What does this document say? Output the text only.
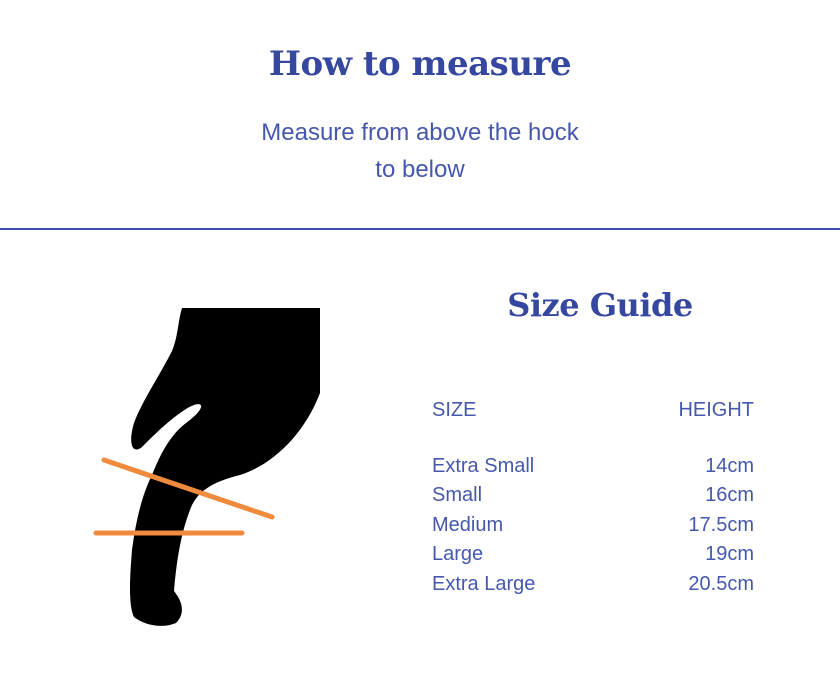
How to measure
Measure from above the hock
to below
Size Guide
SIZE	HEIGHT
Extra Small	14cm
Small	16cm
Medium	17.5cm
Large	19cm
Extra Large	20.5cm
